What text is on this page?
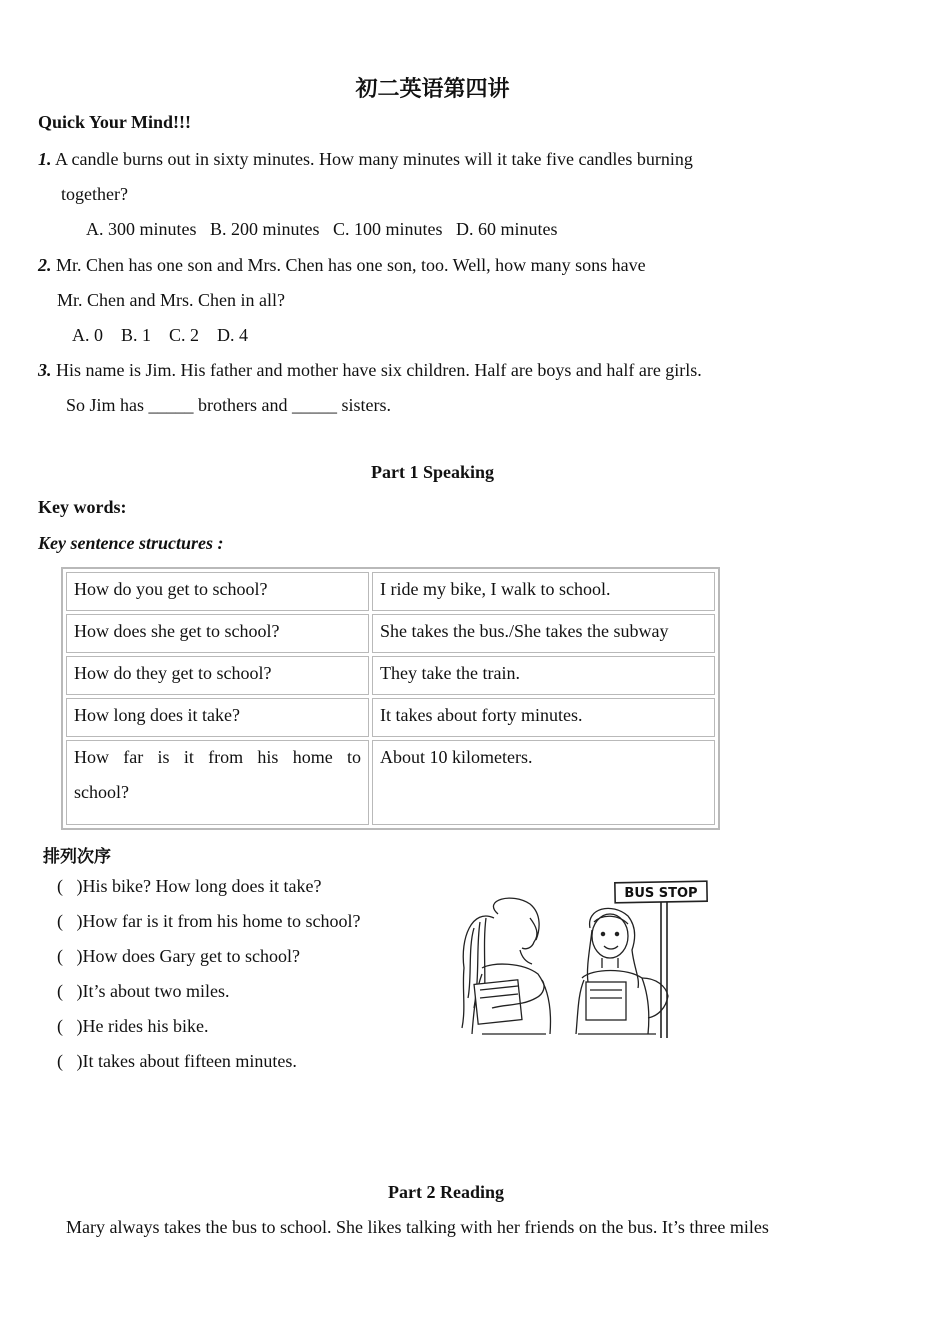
初二英语第四讲
Quick Your Mind!!!
1. A candle burns out in sixty minutes. How many minutes will it take five candles burning
together?
A. 300 minutes   B. 200 minutes   C. 100 minutes   D. 60 minutes
2. Mr. Chen has one son and Mrs. Chen has one son, too. Well, how many sons have
Mr. Chen and Mrs. Chen in all?
A. 0    B. 1    C. 2    D. 4
3. His name is Jim. His father and mother have six children. Half are boys and half are girls.
So Jim has _____ brothers and _____ sisters.
Part 1 Speaking
Key words:
Key sentence structures :
How do you get to school?	I ride my bike, I walk to school.
How does she get to school?	She takes the bus./She takes the subway
How do they get to school?	They take the train.
How long does it take?	It takes about forty minutes.

How far is it from his home to
school?	About 10 kilometers.
排列次序
(   )His bike? How long does it take?
(   )How far is it from his home to school?
(   )How does Gary get to school?
(   )It’s about two miles.
(   )He rides his bike.
(   )It takes about fifteen minutes.
BUS STOP
Part 2 Reading
Mary always takes the bus to school. She likes talking with her friends on the bus. It’s three miles
